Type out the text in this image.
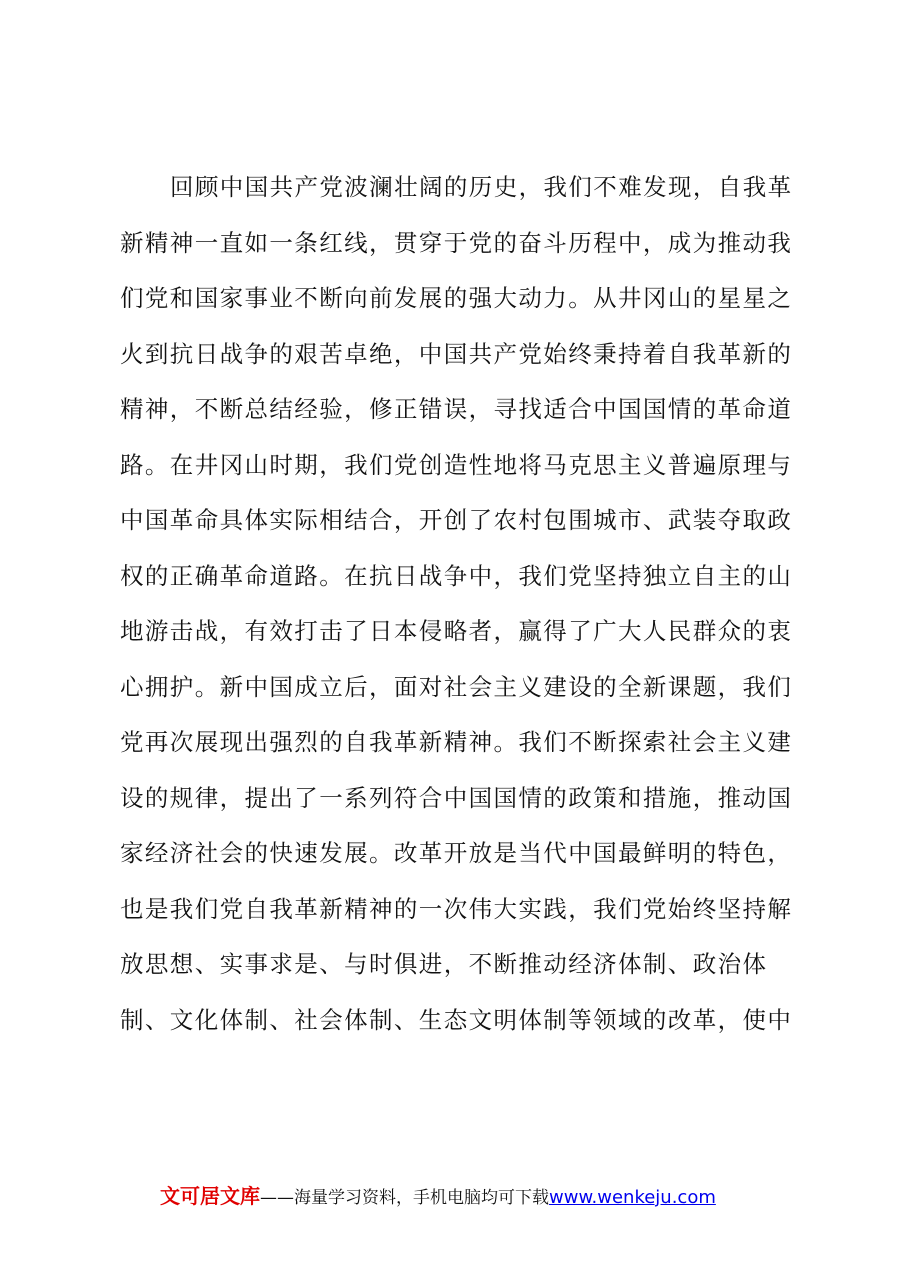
回顾中国共产党波澜壮阔的历史，我们不难发现，自我革
新精神一直如一条红线，贯穿于党的奋斗历程中，成为推动我
们党和国家事业不断向前发展的强大动力。从井冈山的星星之
火到抗日战争的艰苦卓绝，中国共产党始终秉持着自我革新的
精神，不断总结经验，修正错误，寻找适合中国国情的革命道
路。在井冈山时期，我们党创造性地将马克思主义普遍原理与
中国革命具体实际相结合，开创了农村包围城市、武装夺取政
权的正确革命道路。在抗日战争中，我们党坚持独立自主的山
地游击战，有效打击了日本侵略者，赢得了广大人民群众的衷
心拥护。新中国成立后，面对社会主义建设的全新课题，我们
党再次展现出强烈的自我革新精神。我们不断探索社会主义建
设的规律，提出了一系列符合中国国情的政策和措施，推动国
家经济社会的快速发展。改革开放是当代中国最鲜明的特色，
也是我们党自我革新精神的一次伟大实践，我们党始终坚持解
放思想、实事求是、与时俱进，不断推动经济体制、政治体
制、文化体制、社会体制、生态文明体制等领域的改革，使中
文可居文库——海量学习资料，手机电脑均可下载www.wenkeju.com
